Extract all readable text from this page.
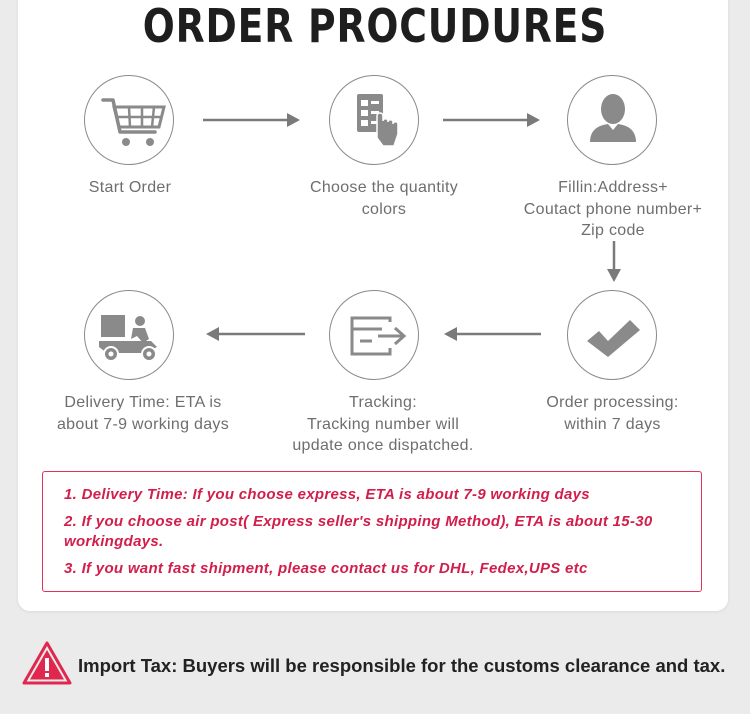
ORDER PROCUDURES
Start Order	Choose the quantity
colors
Fillin:Address+
Coutact phone number+
Zip code
Order processing:
within 7 days
Tracking:
Tracking number will
update once dispatched.
Delivery Time: ETA is
about 7-9 working days

1. Delivery Time: If you choose express, ETA is about 7-9 working days

2. If you choose air post( Express seller's shipping Method), ETA is about 15-30 workingdays.

3. If you want fast shipment, please contact us for DHL, Fedex,UPS etc

Import Tax: Buyers will be responsible for the customs clearance and tax.
